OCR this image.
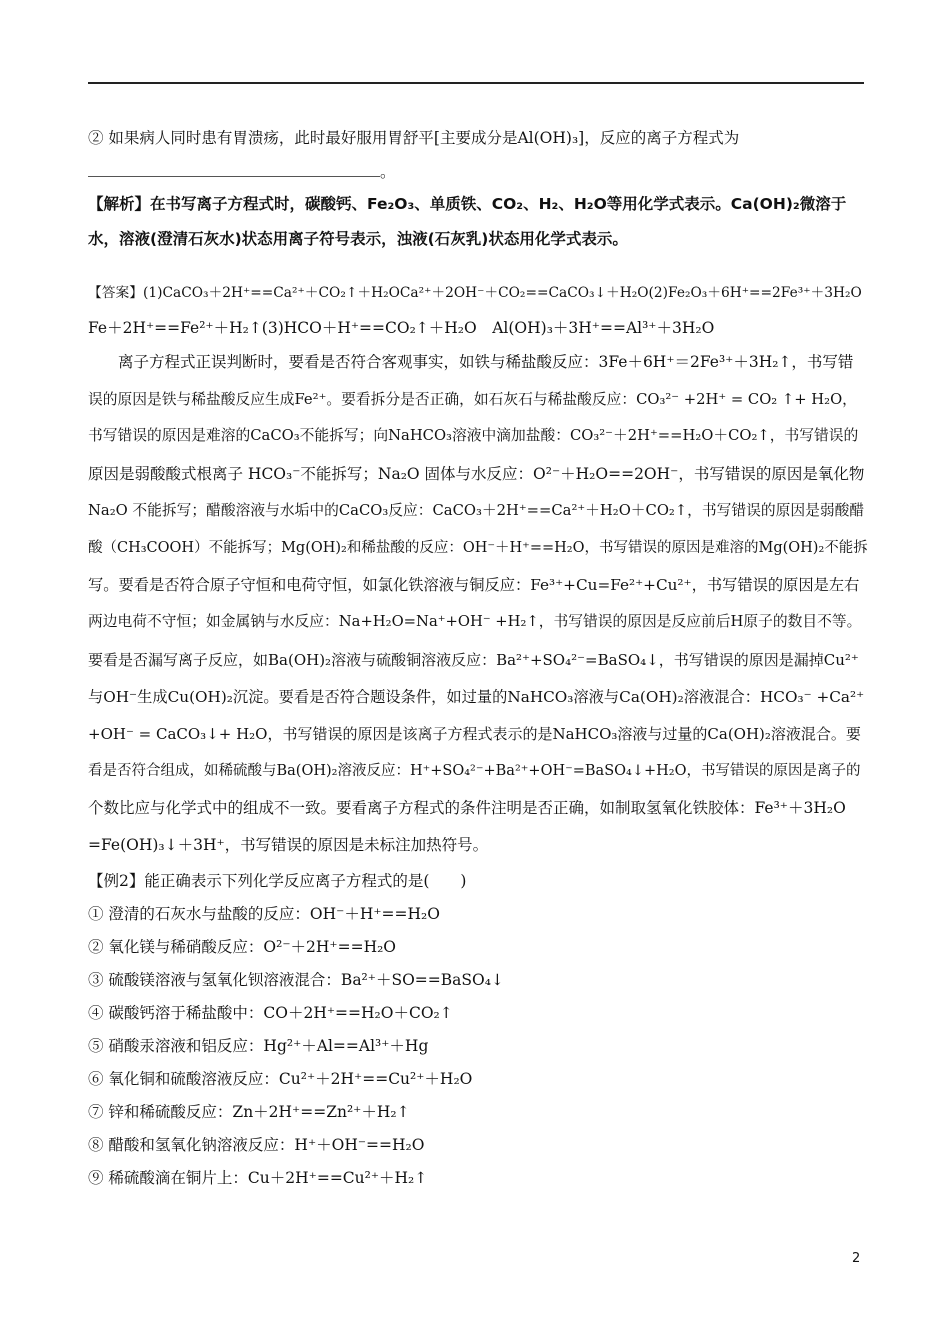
② 如果病人同时患有胃溃疡，此时最好服用胃舒平[主要成分是Al(OH)₃]，反应的离子方程式为
。
【解析】在书写离子方程式时，碳酸钙、Fe₂O₃、单质铁、CO₂、H₂、H₂O等用化学式表示。Ca(OH)₂微溶于
水，溶液(澄清石灰水)状态用离子符号表示，浊液(石灰乳)状态用化学式表示。
【答案】(1)CaCO₃＋2H⁺==Ca²⁺＋CO₂↑＋H₂OCa²⁺＋2OH⁻＋CO₂==CaCO₃↓＋H₂O(2)Fe₂O₃＋6H⁺==2Fe³⁺＋3H₂O
Fe＋2H⁺==Fe²⁺＋H₂↑(3)HCO＋H⁺==CO₂↑＋H₂O　Al(OH)₃＋3H⁺==Al³⁺＋3H₂O
离子方程式正误判断时，要看是否符合客观事实，如铁与稀盐酸反应：3Fe＋6H⁺＝2Fe³⁺＋3H₂↑，书写错
误的原因是铁与稀盐酸反应生成Fe²⁺。要看拆分是否正确，如石灰石与稀盐酸反应：CO₃²⁻ +2H⁺ = CO₂ ↑+ H₂O，
书写错误的原因是难溶的CaCO₃不能拆写；向NaHCO₃溶液中滴加盐酸：CO₃²⁻＋2H⁺==H₂O＋CO₂↑，书写错误的
原因是弱酸酸式根离子 HCO₃⁻不能拆写；Na₂O 固体与水反应：O²⁻＋H₂O==2OH⁻，书写错误的原因是氧化物
Na₂O 不能拆写；醋酸溶液与水垢中的CaCO₃反应：CaCO₃＋2H⁺==Ca²⁺＋H₂O＋CO₂↑，书写错误的原因是弱酸醋
酸（CH₃COOH）不能拆写；Mg(OH)₂和稀盐酸的反应：OH⁻＋H⁺==H₂O，书写错误的原因是难溶的Mg(OH)₂不能拆
写。要看是否符合原子守恒和电荷守恒，如氯化铁溶液与铜反应：Fe³⁺+Cu=Fe²⁺+Cu²⁺，书写错误的原因是左右
两边电荷不守恒；如金属钠与水反应：Na+H₂O=Na⁺+OH⁻ +H₂↑，书写错误的原因是反应前后H原子的数目不等。
要看是否漏写离子反应，如Ba(OH)₂溶液与硫酸铜溶液反应：Ba²⁺+SO₄²⁻=BaSO₄↓，书写错误的原因是漏掉Cu²⁺
与OH⁻生成Cu(OH)₂沉淀。要看是否符合题设条件，如过量的NaHCO₃溶液与Ca(OH)₂溶液混合：HCO₃⁻ +Ca²⁺
+OH⁻ = CaCO₃↓+ H₂O，书写错误的原因是该离子方程式表示的是NaHCO₃溶液与过量的Ca(OH)₂溶液混合。要
看是否符合组成，如稀硫酸与Ba(OH)₂溶液反应：H⁺+SO₄²⁻+Ba²⁺+OH⁻=BaSO₄↓+H₂O，书写错误的原因是离子的
个数比应与化学式中的组成不一致。要看离子方程式的条件注明是否正确，如制取氢氧化铁胶体：Fe³⁺＋3H₂O
=Fe(OH)₃↓＋3H⁺，书写错误的原因是未标注加热符号。
【例2】能正确表示下列化学反应离子方程式的是(　　)
① 澄清的石灰水与盐酸的反应：OH⁻＋H⁺==H₂O
② 氧化镁与稀硝酸反应：O²⁻＋2H⁺==H₂O
③ 硫酸镁溶液与氢氧化钡溶液混合：Ba²⁺＋SO==BaSO₄↓
④ 碳酸钙溶于稀盐酸中：CO＋2H⁺==H₂O＋CO₂↑
⑤ 硝酸汞溶液和铝反应：Hg²⁺＋Al==Al³⁺＋Hg
⑥ 氧化铜和硫酸溶液反应：Cu²⁺＋2H⁺==Cu²⁺＋H₂O
⑦ 锌和稀硫酸反应：Zn＋2H⁺==Zn²⁺＋H₂↑
⑧ 醋酸和氢氧化钠溶液反应：H⁺＋OH⁻==H₂O
⑨ 稀硫酸滴在铜片上：Cu＋2H⁺==Cu²⁺＋H₂↑
2
